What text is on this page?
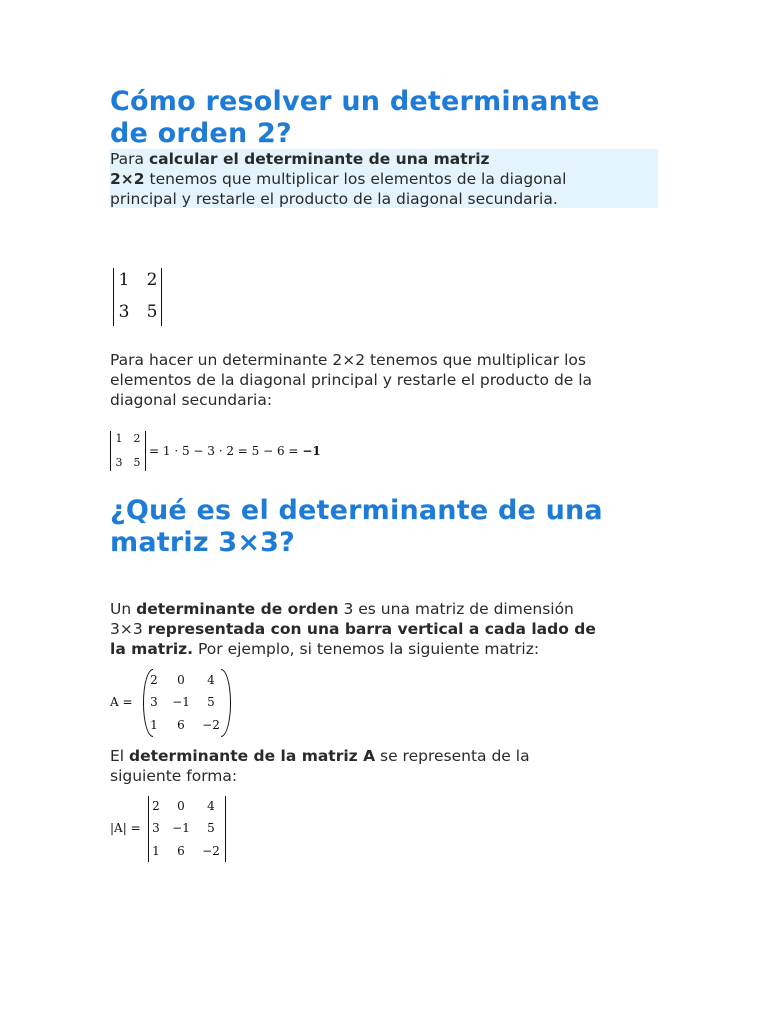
Cómo resolver un determinante
de orden 2?
Para calcular el determinante de una matriz
2×2 tenemos que multiplicar los elementos de la diagonal
principal y restarle el producto de la diagonal secundaria.
1 2
3 5
Para hacer un determinante 2×2 tenemos que multiplicar los
elementos de la diagonal principal y restarle el producto de la
diagonal secundaria:
1 2
3 5
= 1 · 5 − 3 · 2 = 5 − 6 = −1
¿Qué es el determinante de una
matriz 3×3?
Un determinante de orden 3 es una matriz de dimensión
3×3 representada con una barra vertical a cada lado de
la matriz. Por ejemplo, si tenemos la siguiente matriz:
A =
2	0	4
3 −1	5
1	6	−2
El determinante de la matriz A se representa de la
siguiente forma:
|A| =
2	0	4
3 −1	5
1	6	−2
